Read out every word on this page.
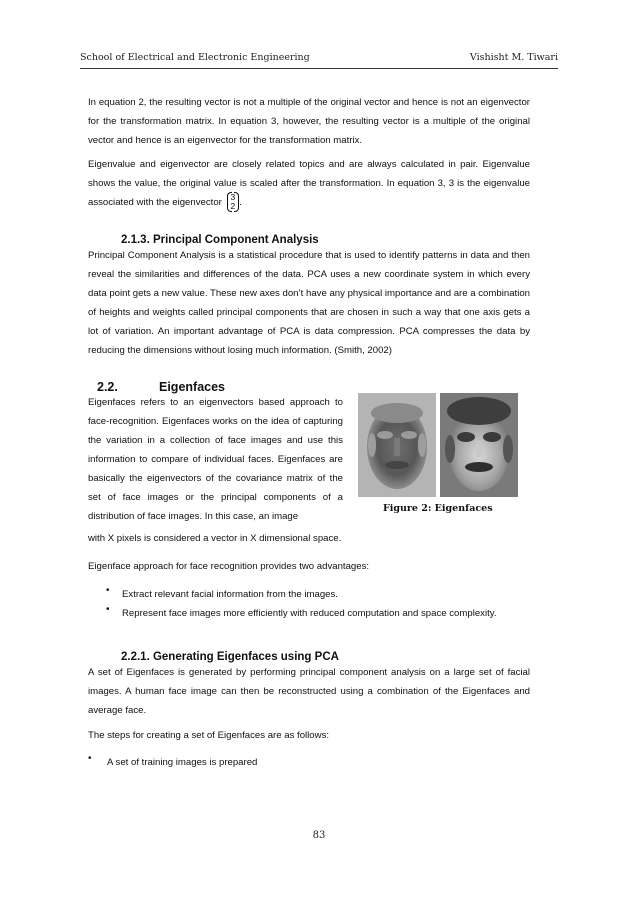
School of Electrical and Electronic Engineering	Vishisht M. Tiwari

In equation 2, the resulting vector is not a multiple of the original vector and hence is not an eigenvector for the transformation matrix. In equation 3, however, the resulting vector is a multiple of the original vector and hence is an eigenvector for the transformation matrix.

Eigenvalue and eigenvector are closely related topics and are always calculated in pair. Eigenvalue shows the value, the original value is scaled after the transformation. In equation 3, 3 is the eigenvalue associated with the eigenvector 3
2 .

2.1.3. Principal Component Analysis

Principal Component Analysis is a statistical procedure that is used to identify patterns in data and then reveal the similarities and differences of the data. PCA uses a new coordinate system in which every data point gets a new value. These new axes don’t have any physical importance and are a combination of heights and weights called principal components that are chosen in such a way that one axis gets a lot of variation. An important advantage of PCA is data compression. PCA compresses the data by reducing the dimensions without losing much information. (Smith, 2002)

2.2.	Eigenfaces

Eigenfaces refers to an eigenvectors based approach to face-recognition. Eigenfaces works on the idea of capturing the variation in a collection of face images and use this information to compare of individual faces. Eigenfaces are basically the eigenvectors of the covariance matrix of the set of face images or the principal components of a distribution of face images. In this case, an image

with X pixels is considered a vector in X dimensional space.

Figure 2: Eigenfaces

Eigenface approach for face recognition provides two advantages:

• Extract relevant facial information from the images.

• Represent face images more efficiently with reduced computation and space complexity.

2.2.1. Generating Eigenfaces using PCA

A set of Eigenfaces is generated by performing principal component analysis on a large set of facial images. A human face image can then be reconstructed using a combination of the Eigenfaces and average face.

The steps for creating a set of Eigenfaces are as follows:

• A set of training images is prepared

83
